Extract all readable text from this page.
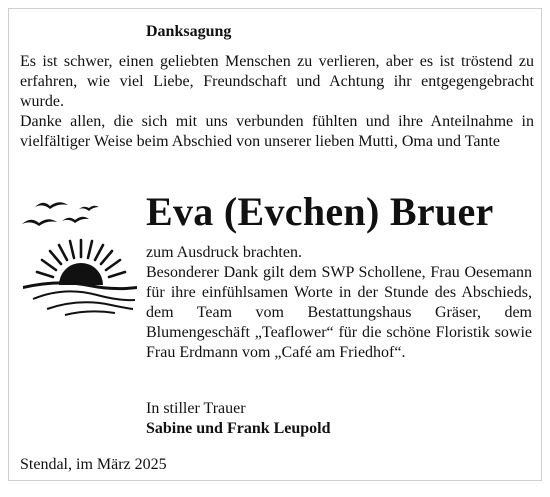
Danksagung

Es ist schwer, einen geliebten Menschen zu verlieren, aber es ist tröstend zu erfahren, wie viel Liebe, Freundschaft und Achtung ihr entgegengebracht wurde.

Danke allen, die sich mit uns verbunden fühlten und ihre Anteilnahme in vielfältiger Weise beim Abschied von unserer lieben Mutti, Oma und Tante

Eva (Evchen) Bruer

zum Ausdruck brachten.

Besonderer Dank gilt dem SWP Schollene, Frau Oesemann für ihre einfühlsamen Worte in der Stunde des Abschieds, dem Team vom Bestattungshaus Gräser, dem Blumengeschäft „Teaflower“ für die schöne Floristik sowie Frau Erdmann vom „Café am Friedhof“.

In stiller Trauer
Sabine und Frank Leupold
Stendal, im März 2025
